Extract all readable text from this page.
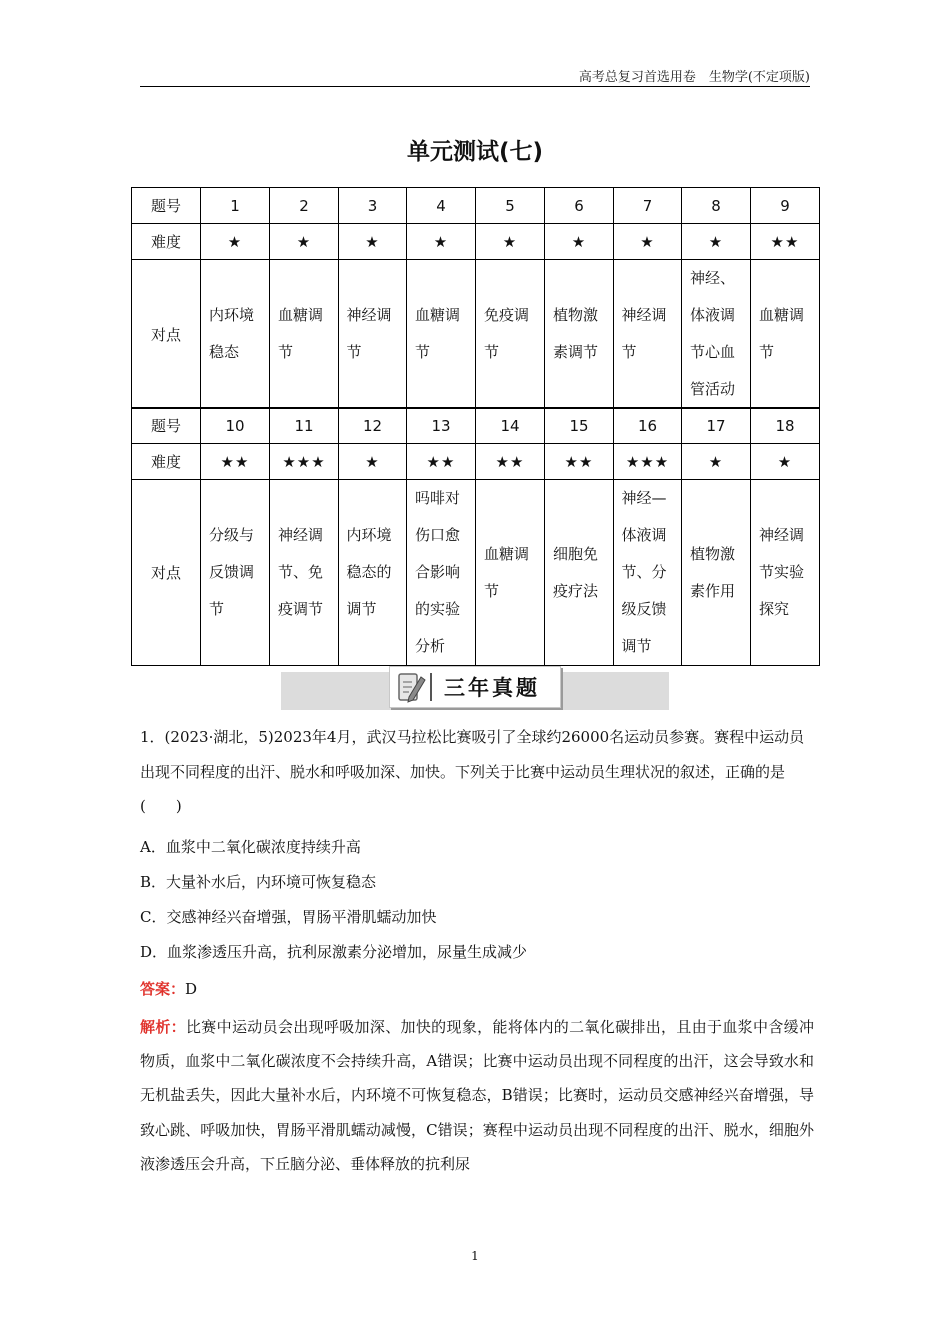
高考总复习首选用卷　生物学(不定项版)
单元测试(七)
题号	1	2	3	4	5	6	7	8	9
难度	★	★	★	★	★	★	★	★	★★
对点	内环境稳态	血糖调节	神经调节	血糖调节	免疫调节	植物激素调节	神经调节	神经、体液调节心血管活动	血糖调节
题号	10	11	12	13	14	15	16	17	18
难度	★★	★★★	★	★★	★★	★★	★★★	★	★
对点	分级与反馈调节	神经调节、免疫调节	内环境稳态的调节	吗啡对伤口愈合影响的实验分析	血糖调节	细胞免疫疗法	神经—体液调节、分级反馈调节	植物激素作用	神经调节实验探究
三年真题
1．(2023·湖北，5)2023年4月，武汉马拉松比赛吸引了全球约26000名运动员参赛。赛程中运动员出现不同程度的出汗、脱水和呼吸加深、加快。下列关于比赛中运动员生理状况的叙述，正确的是(　　)
A．血浆中二氧化碳浓度持续升高
B．大量补水后，内环境可恢复稳态
C．交感神经兴奋增强，胃肠平滑肌蠕动加快
D．血浆渗透压升高，抗利尿激素分泌增加，尿量生成减少
答案：D
解析：比赛中运动员会出现呼吸加深、加快的现象，能将体内的二氧化碳排出，且由于血浆中含缓冲物质，血浆中二氧化碳浓度不会持续升高，A错误；比赛中运动员出现不同程度的出汗，这会导致水和无机盐丢失，因此大量补水后，内环境不可恢复稳态，B错误；比赛时，运动员交感神经兴奋增强，导致心跳、呼吸加快，胃肠平滑肌蠕动减慢，C错误；赛程中运动员出现不同程度的出汗、脱水，细胞外液渗透压会升高，下丘脑分泌、垂体释放的抗利尿
1
